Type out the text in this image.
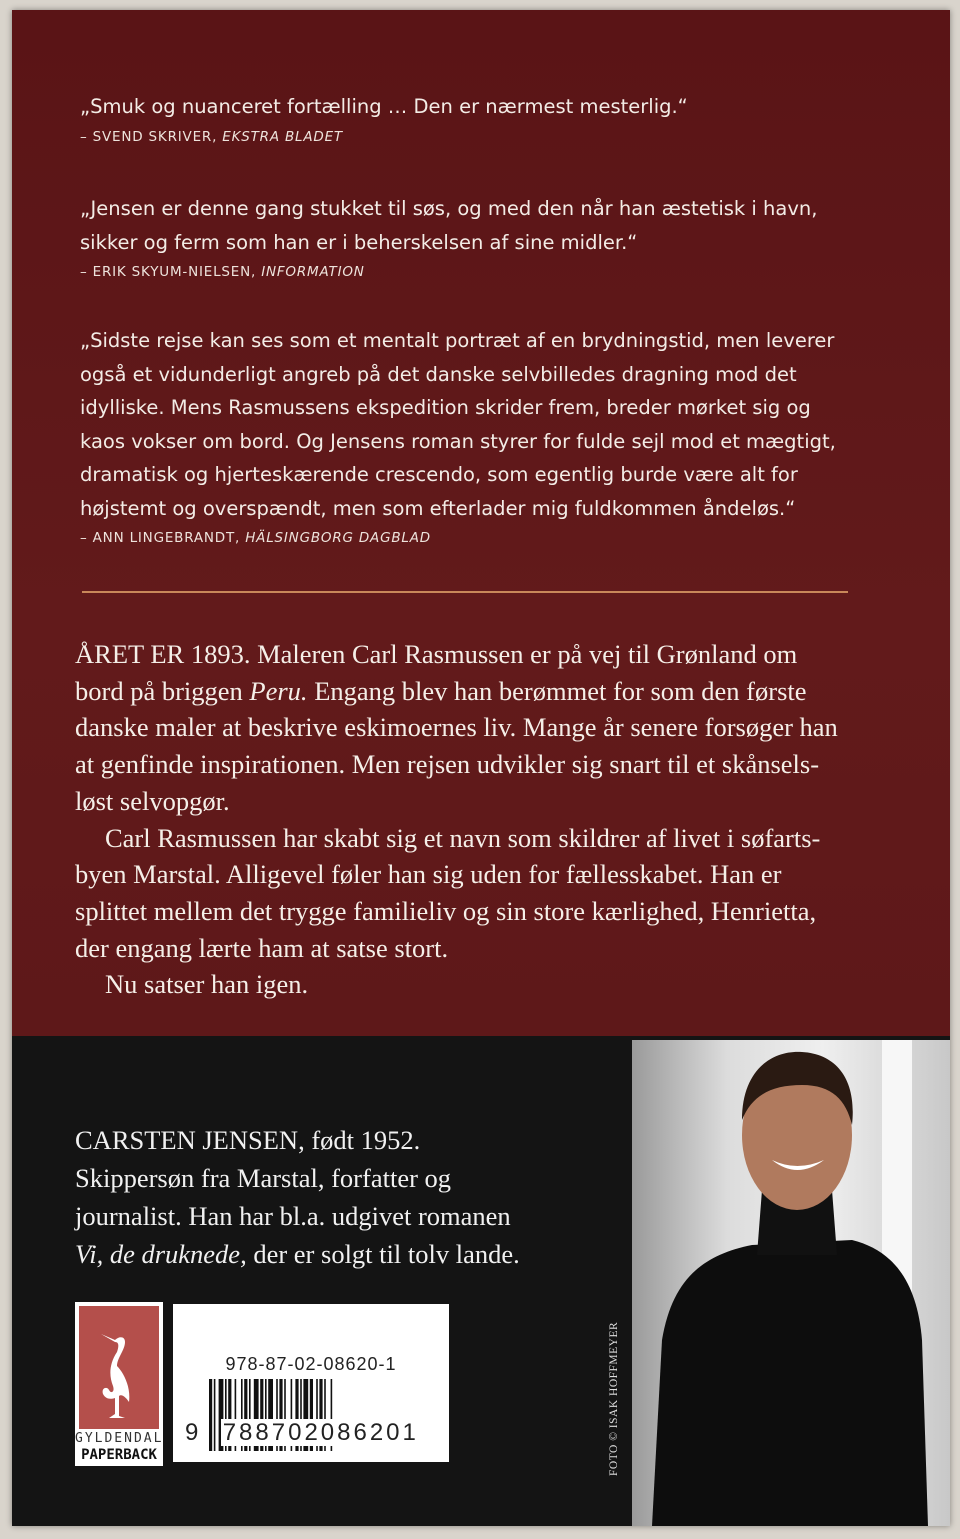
„Smuk og nuanceret fortælling … Den er nærmest mesterlig.“
– SVEND SKRIVER, EKSTRA BLADET
„Jensen er denne gang stukket til søs, og med den når han æstetisk i havn,
sikker og ferm som han er i beherskelsen af sine midler.“
– ERIK SKYUM-NIELSEN, INFORMATION
„Sidste rejse kan ses som et mentalt portræt af en brydningstid, men leverer
også et vidunderligt angreb på det danske selvbilledes dragning mod det
idylliske. Mens Rasmussens ekspedition skrider frem, breder mørket sig og
kaos vokser om bord. Og Jensens roman styrer for fulde sejl mod et mægtigt,
dramatisk og hjerteskærende crescendo, som egentlig burde være alt for
højstemt og overspændt, men som efterlader mig fuldkommen åndeløs.“
– ANN LINGEBRANDT, HÄLSINGBORG DAGBLAD
ÅRET ER 1893. Maleren Carl Rasmussen er på vej til Grønland om
bord på briggen Peru. Engang blev han berømmet for som den første
danske maler at beskrive eskimoernes liv. Mange år senere forsøger han
at genfinde inspirationen. Men rejsen udvikler sig snart til et skånsels-
løst selvopgør.
Carl Rasmussen har skabt sig et navn som skildrer af livet i søfarts-
byen Marstal. Alligevel føler han sig uden for fællesskabet. Han er
splittet mellem det trygge familieliv og sin store kærlighed, Henrietta,
der engang lærte ham at satse stort.
Nu satser han igen.
CARSTEN JENSEN, født 1952.
Skippersøn fra Marstal, forfatter og
journalist. Han har bl.a. udgivet romanen
Vi, de druknede, der er solgt til tolv lande.
GYLDENDAL
PAPERBACK
978-87-02-08620-1
9 788702086201	FOTO © ISAK HOFFMEYER
